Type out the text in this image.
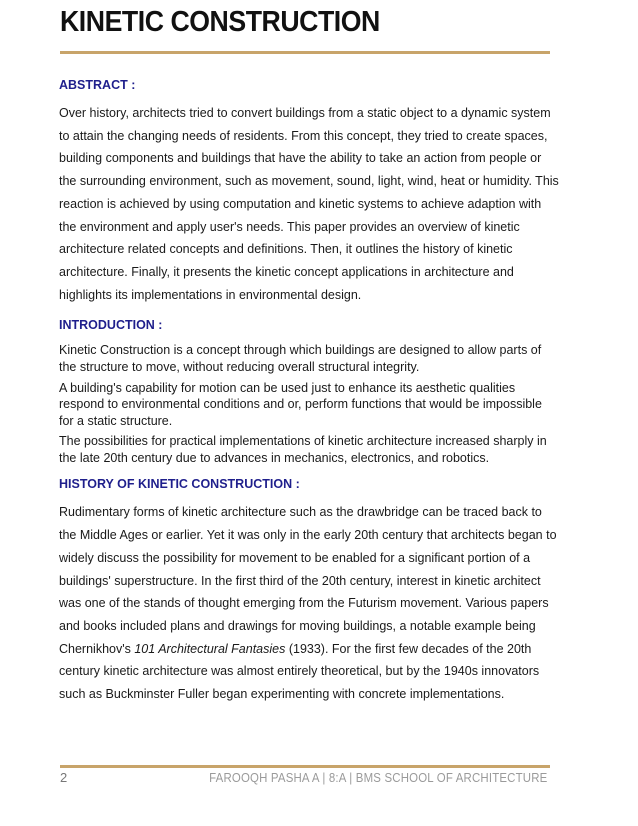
KINETIC CONSTRUCTION
ABSTRACT :

Over history, architects tried to convert buildings from a static object to a dynamic system to attain the changing needs of residents. From this concept, they tried to create spaces, building components and buildings that have the ability to take an action from people or the surrounding environment, such as movement, sound, light, wind, heat or humidity. This reaction is achieved by using computation and kinetic systems to achieve adaption with the environment and apply user's needs. This paper provides an overview of kinetic architecture related concepts and definitions. Then, it outlines the history of kinetic architecture. Finally, it presents the kinetic concept applications in architecture and highlights its implementations in environmental design.

INTRODUCTION :

Kinetic Construction is a concept through which buildings are designed to allow parts of the structure to move, without reducing overall structural integrity.

A building's capability for motion can be used just to enhance its aesthetic qualities respond to environmental conditions and or, perform functions that would be impossible for a static structure.

The possibilities for practical implementations of kinetic architecture increased sharply in the late 20th century due to advances in mechanics, electronics, and robotics.

HISTORY OF KINETIC CONSTRUCTION :

Rudimentary forms of kinetic architecture such as the drawbridge can be traced back to the Middle Ages or earlier. Yet it was only in the early 20th century that architects began to widely discuss the possibility for movement to be enabled for a significant portion of a buildings' superstructure. In the first third of the 20th century, interest in kinetic architect was one of the stands of thought emerging from the Futurism movement. Various papers and books included plans and drawings for moving buildings, a notable example being Chernikhov's 101 Architectural Fantasies (1933). For the first few decades of the 20th century kinetic architecture was almost entirely theoretical, but by the 1940s innovators such as Buckminster Fuller began experimenting with concrete implementations.

2	FAROOQH PASHA A | 8:A | BMS SCHOOL OF ARCHITECTURE
